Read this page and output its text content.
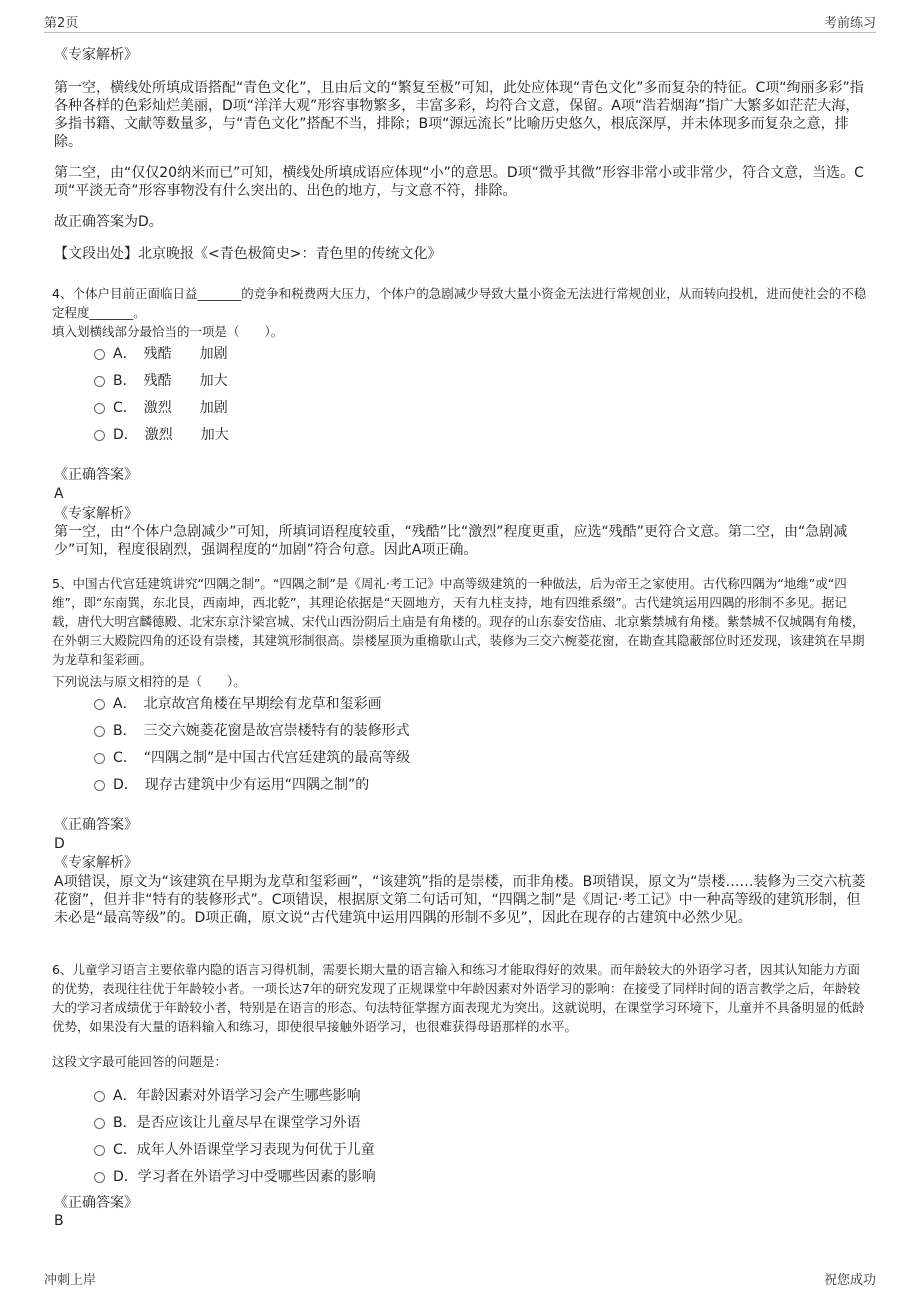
第2页	考前练习
《专家解析》
第一空，横线处所填成语搭配“青色文化”，且由后文的“繁复至极”可知，此处应体现“青色文化”多而复杂的特征。C项“绚丽多彩”指各种各样的色彩灿烂美丽，D项“洋洋大观”形容事物繁多，丰富多彩，均符合文意，保留。A项“浩若烟海”指广大繁多如茫茫大海，多指书籍、文献等数量多，与“青色文化”搭配不当，排除；B项“源远流长”比喻历史悠久，根底深厚，并未体现多而复杂之意，排除。
第二空，由“仅仅20纳米而已”可知，横线处所填成语应体现“小”的意思。D项“微乎其微”形容非常小或非常少，符合文意，当选。C项“平淡无奇”形容事物没有什么突出的、出色的地方，与文意不符，排除。
故正确答案为D。
【文段出处】北京晚报《<青色极简史>：青色里的传统文化》
4、个体户目前正面临日益_______的竞争和税费两大压力，个体户的急剧减少导致大量小资金无法进行常规创业，从而转向投机，进而使社会的不稳定程度_______。
填入划横线部分最恰当的一项是（　　）。
A．　残酷　　加剧
B．　残酷　　加大
C．　激烈　　加剧
D．　激烈　　加大
《正确答案》
A
《专家解析》
第一空，由“个体户急剧减少”可知，所填词语程度较重，“残酷”比“激烈”程度更重，应选“残酷”更符合文意。第二空，由“急剧减少”可知，程度很剧烈，强调程度的“加剧”符合句意。因此A项正确。
5、中国古代宫廷建筑讲究“四隅之制”。“四隅之制”是《周礼·考工记》中高等级建筑的一种做法，后为帝王之家使用。古代称四隅为“地维”或“四维”，即“东南巽，东北艮，西南坤，西北乾”，其理论依据是“天圆地方，天有九柱支持，地有四维系缀”。古代建筑运用四隅的形制不多见。据记载，唐代大明宫麟德殿、北宋东京汴梁宫城、宋代山西汾阴后土庙是有角楼的。现存的山东泰安岱庙、北京紫禁城有角楼。紫禁城不仅城隅有角楼，在外朝三大殿院四角的还设有崇楼，其建筑形制很高。崇楼屋顶为重檐歇山式，装修为三交六椀菱花窗，在勘查其隐蔽部位时还发现，该建筑在早期为龙草和玺彩画。
下列说法与原文相符的是（　　）。
A．　北京故宫角楼在早期绘有龙草和玺彩画
B．　三交六婉菱花窗是故宫崇楼特有的装修形式
C．　“四隅之制”是中国古代宫廷建筑的最高等级
D．　现存古建筑中少有运用“四隅之制”的
《正确答案》
D
《专家解析》
A项错误，原文为“该建筑在早期为龙草和玺彩画”，“该建筑”指的是崇楼，而非角楼。B项错误，原文为“崇楼……装修为三交六杭菱花窗”，但并非“特有的装修形式”。C项错误，根据原文第二句话可知，“四隅之制”是《周记·考工记》中一种高等级的建筑形制，但未必是“最高等级”的。D项正确，原文说“古代建筑中运用四隅的形制不多见”，因此在现存的古建筑中必然少见。
6、儿童学习语言主要依靠内隐的语言习得机制，需要长期大量的语言输入和练习才能取得好的效果。而年龄较大的外语学习者，因其认知能力方面的优势，表现往往优于年龄较小者。一项长达7年的研究发现了正规课堂中年龄因素对外语学习的影响：在接受了同样时间的语言教学之后，年龄较大的学习者成绩优于年龄较小者，特别是在语言的形态、句法特征掌握方面表现尤为突出。这就说明，在课堂学习环境下，儿童并不具备明显的低龄优势，如果没有大量的语料输入和练习，即使很早接触外语学习，也很难获得母语那样的水平。
这段文字最可能回答的问题是：
A．年龄因素对外语学习会产生哪些影响
B．是否应该让儿童尽早在课堂学习外语
C．成年人外语课堂学习表现为何优于儿童
D．学习者在外语学习中受哪些因素的影响
《正确答案》
B
冲刺上岸	祝您成功
